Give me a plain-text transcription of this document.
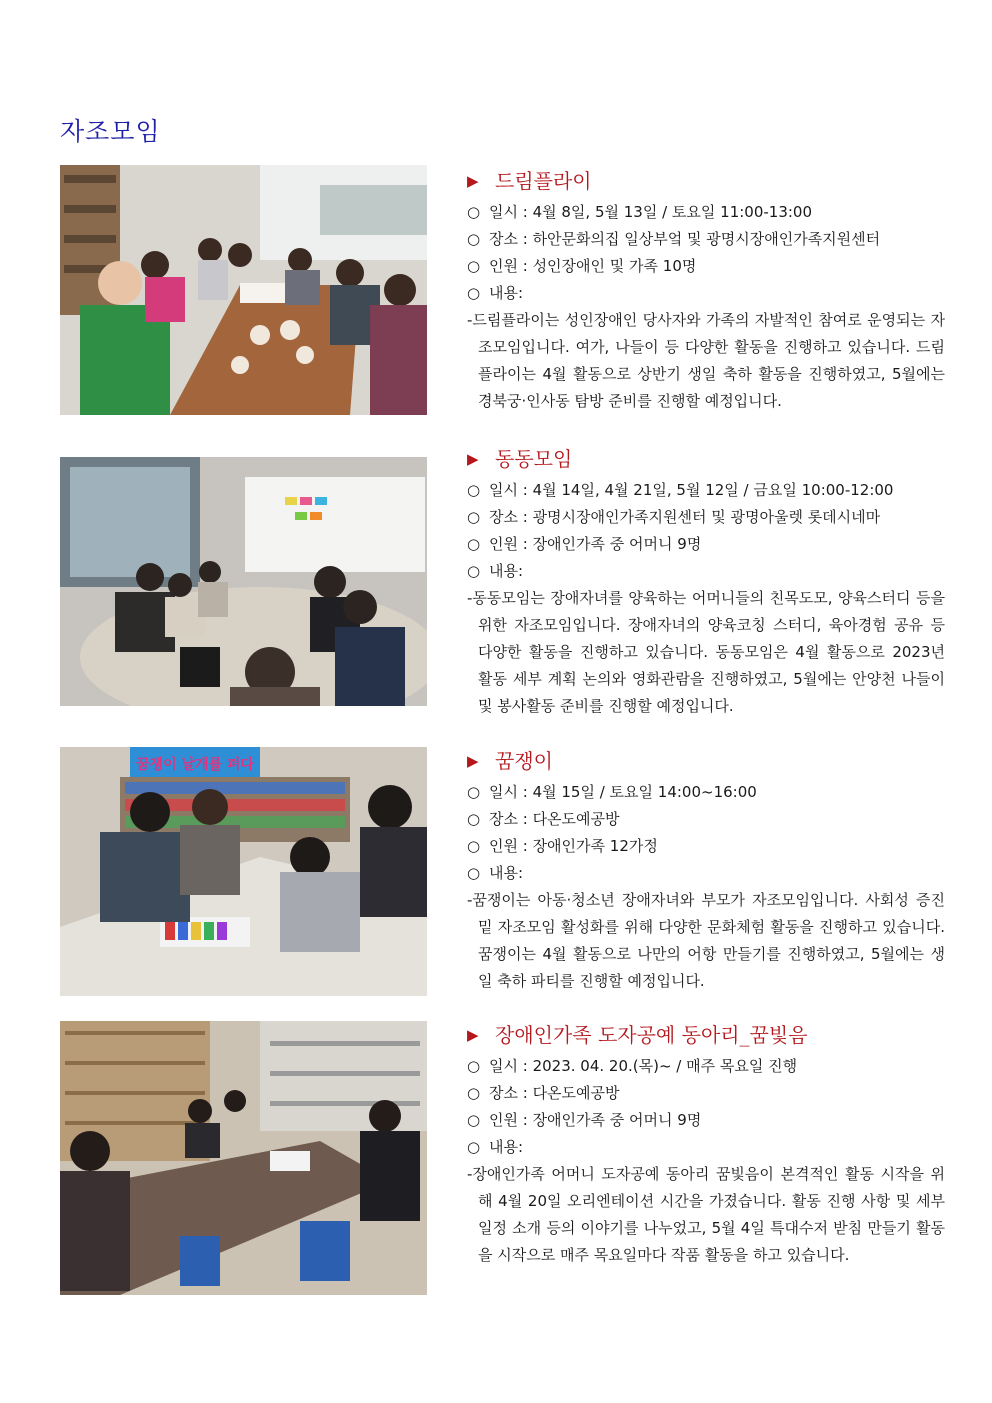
자조모임
▶ 드림플라이
○ 일시 : 4월 8일, 5월 13일 / 토요일 11:00-13:00
○ 장소 : 하안문화의집 일상부엌 및 광명시장애인가족지원센터
○ 인원 : 성인장애인 및 가족 10명
○ 내용:
-드림플라이는 성인장애인 당사자와 가족의 자발적인 참여로 운영되는 자조모임입니다. 여가, 나들이 등 다양한 활동을 진행하고 있습니다. 드림플라이는 4월 활동으로 상반기 생일 축하 활동을 진행하였고, 5월에는 경북궁·인사동 탐방 준비를 진행할 예정입니다.
▶ 동동모임
○ 일시 : 4월 14일, 4월 21일, 5월 12일 / 금요일 10:00-12:00
○ 장소 : 광명시장애인가족지원센터 및 광명아울렛 롯데시네마
○ 인원 : 장애인가족 중 어머니 9명
○ 내용:
-동동모임는 장애자녀를 양육하는 어머니들의 친목도모, 양육스터디 등을 위한 자조모임입니다. 장애자녀의 양육코칭 스터디, 육아경험 공유 등 다양한 활동을 진행하고 있습니다. 동동모임은 4월 활동으로 2023년 활동 세부 계획 논의와 영화관람을 진행하였고, 5월에는 안양천 나들이 및 봉사활동 준비를 진행할 예정입니다.
꿈쟁이 날개를 펴다	▶ 꿈쟁이
○ 일시 : 4월 15일 / 토요일 14:00~16:00
○ 장소 : 다온도예공방
○ 인원 : 장애인가족 12가정
○ 내용:
-꿈쟁이는 아동·청소년 장애자녀와 부모가 자조모임입니다. 사회성 증진 밑 자조모임 활성화를 위해 다양한 문화체험 활동을 진행하고 있습니다. 꿈쟁이는 4월 활동으로 나만의 어항 만들기를 진행하였고, 5월에는 생일 축하 파티를 진행할 예정입니다.
▶ 장애인가족 도자공예 동아리_꿈빛음
○ 일시 : 2023. 04. 20.(목)~ / 매주 목요일 진행
○ 장소 : 다온도예공방
○ 인원 : 장애인가족 중 어머니 9명
○ 내용:
-장애인가족 어머니 도자공예 동아리 꿈빛음이 본격적인 활동 시작을 위해 4월 20일 오리엔테이션 시간을 가졌습니다. 활동 진행 사항 및 세부 일정 소개 등의 이야기를 나누었고, 5월 4일 특대수저 받침 만들기 활동을 시작으로 매주 목요일마다 작품 활동을 하고 있습니다.
